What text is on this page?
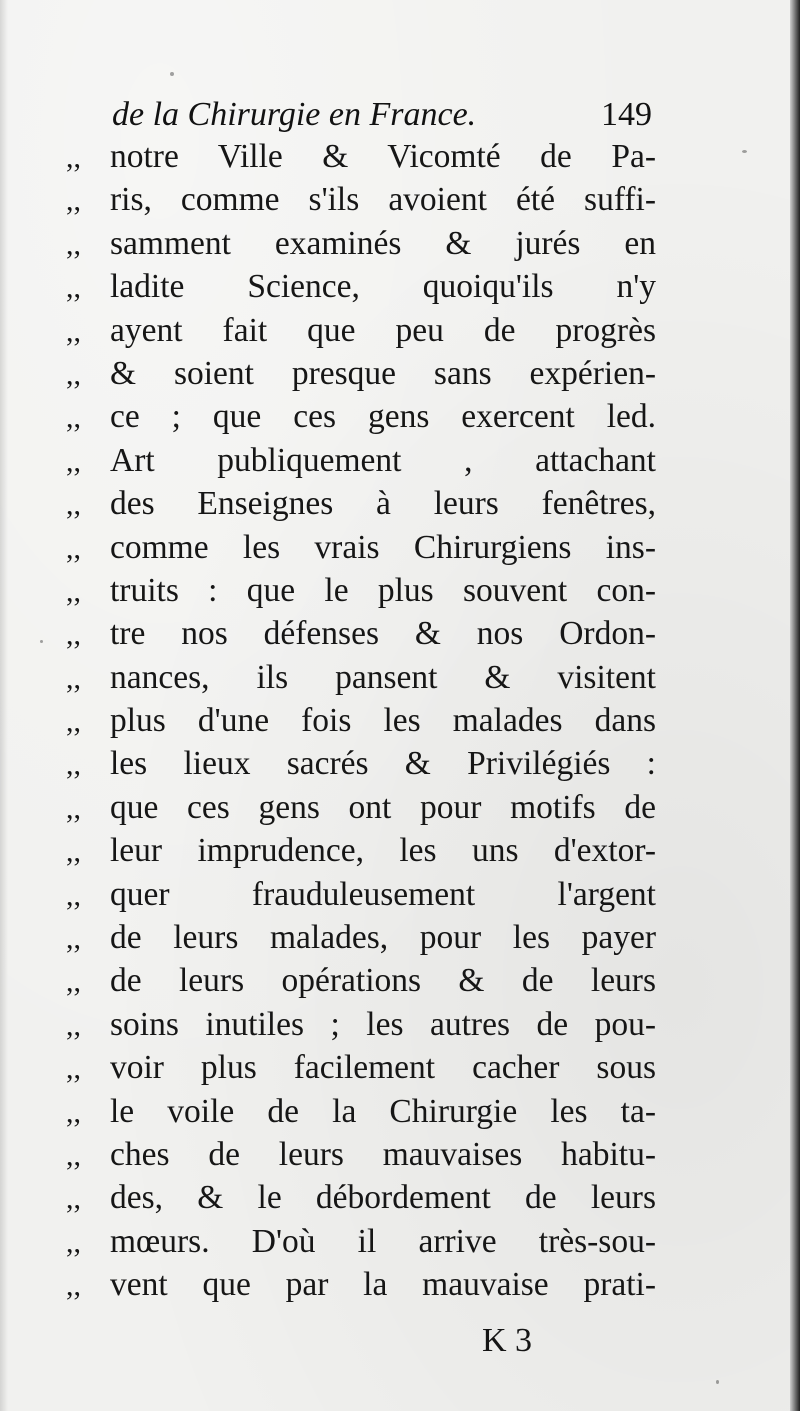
de la Chirurgie en France.	149
,, notre Ville & Vicomté de Pa-
,, ris, comme s'ils avoient été suffi-
,, samment examinés & jurés en
,, ladite Science, quoiqu'ils n'y
,, ayent fait que peu de progrès
,, & soient presque sans expérien-
,, ce ; que ces gens exercent led.
,, Art publiquement , attachant
,, des Enseignes à leurs fenêtres,
,, comme les vrais Chirurgiens ins-
,, truits : que le plus souvent con-
,, tre nos défenses & nos Ordon-
,, nances, ils pansent & visitent
,, plus d'une fois les malades dans
,, les lieux sacrés & Privilégiés :
,, que ces gens ont pour motifs de
,, leur imprudence, les uns d'extor-
,, quer frauduleusement l'argent
,, de leurs malades, pour les payer
,, de leurs opérations & de leurs
,, soins inutiles ; les autres de pou-
,, voir plus facilement cacher sous
,, le voile de la Chirurgie les ta-
,, ches de leurs mauvaises habitu-
,, des, & le débordement de leurs
,, mœurs. D'où il arrive très-sou-
,, vent que par la mauvaise prati-
K 3
